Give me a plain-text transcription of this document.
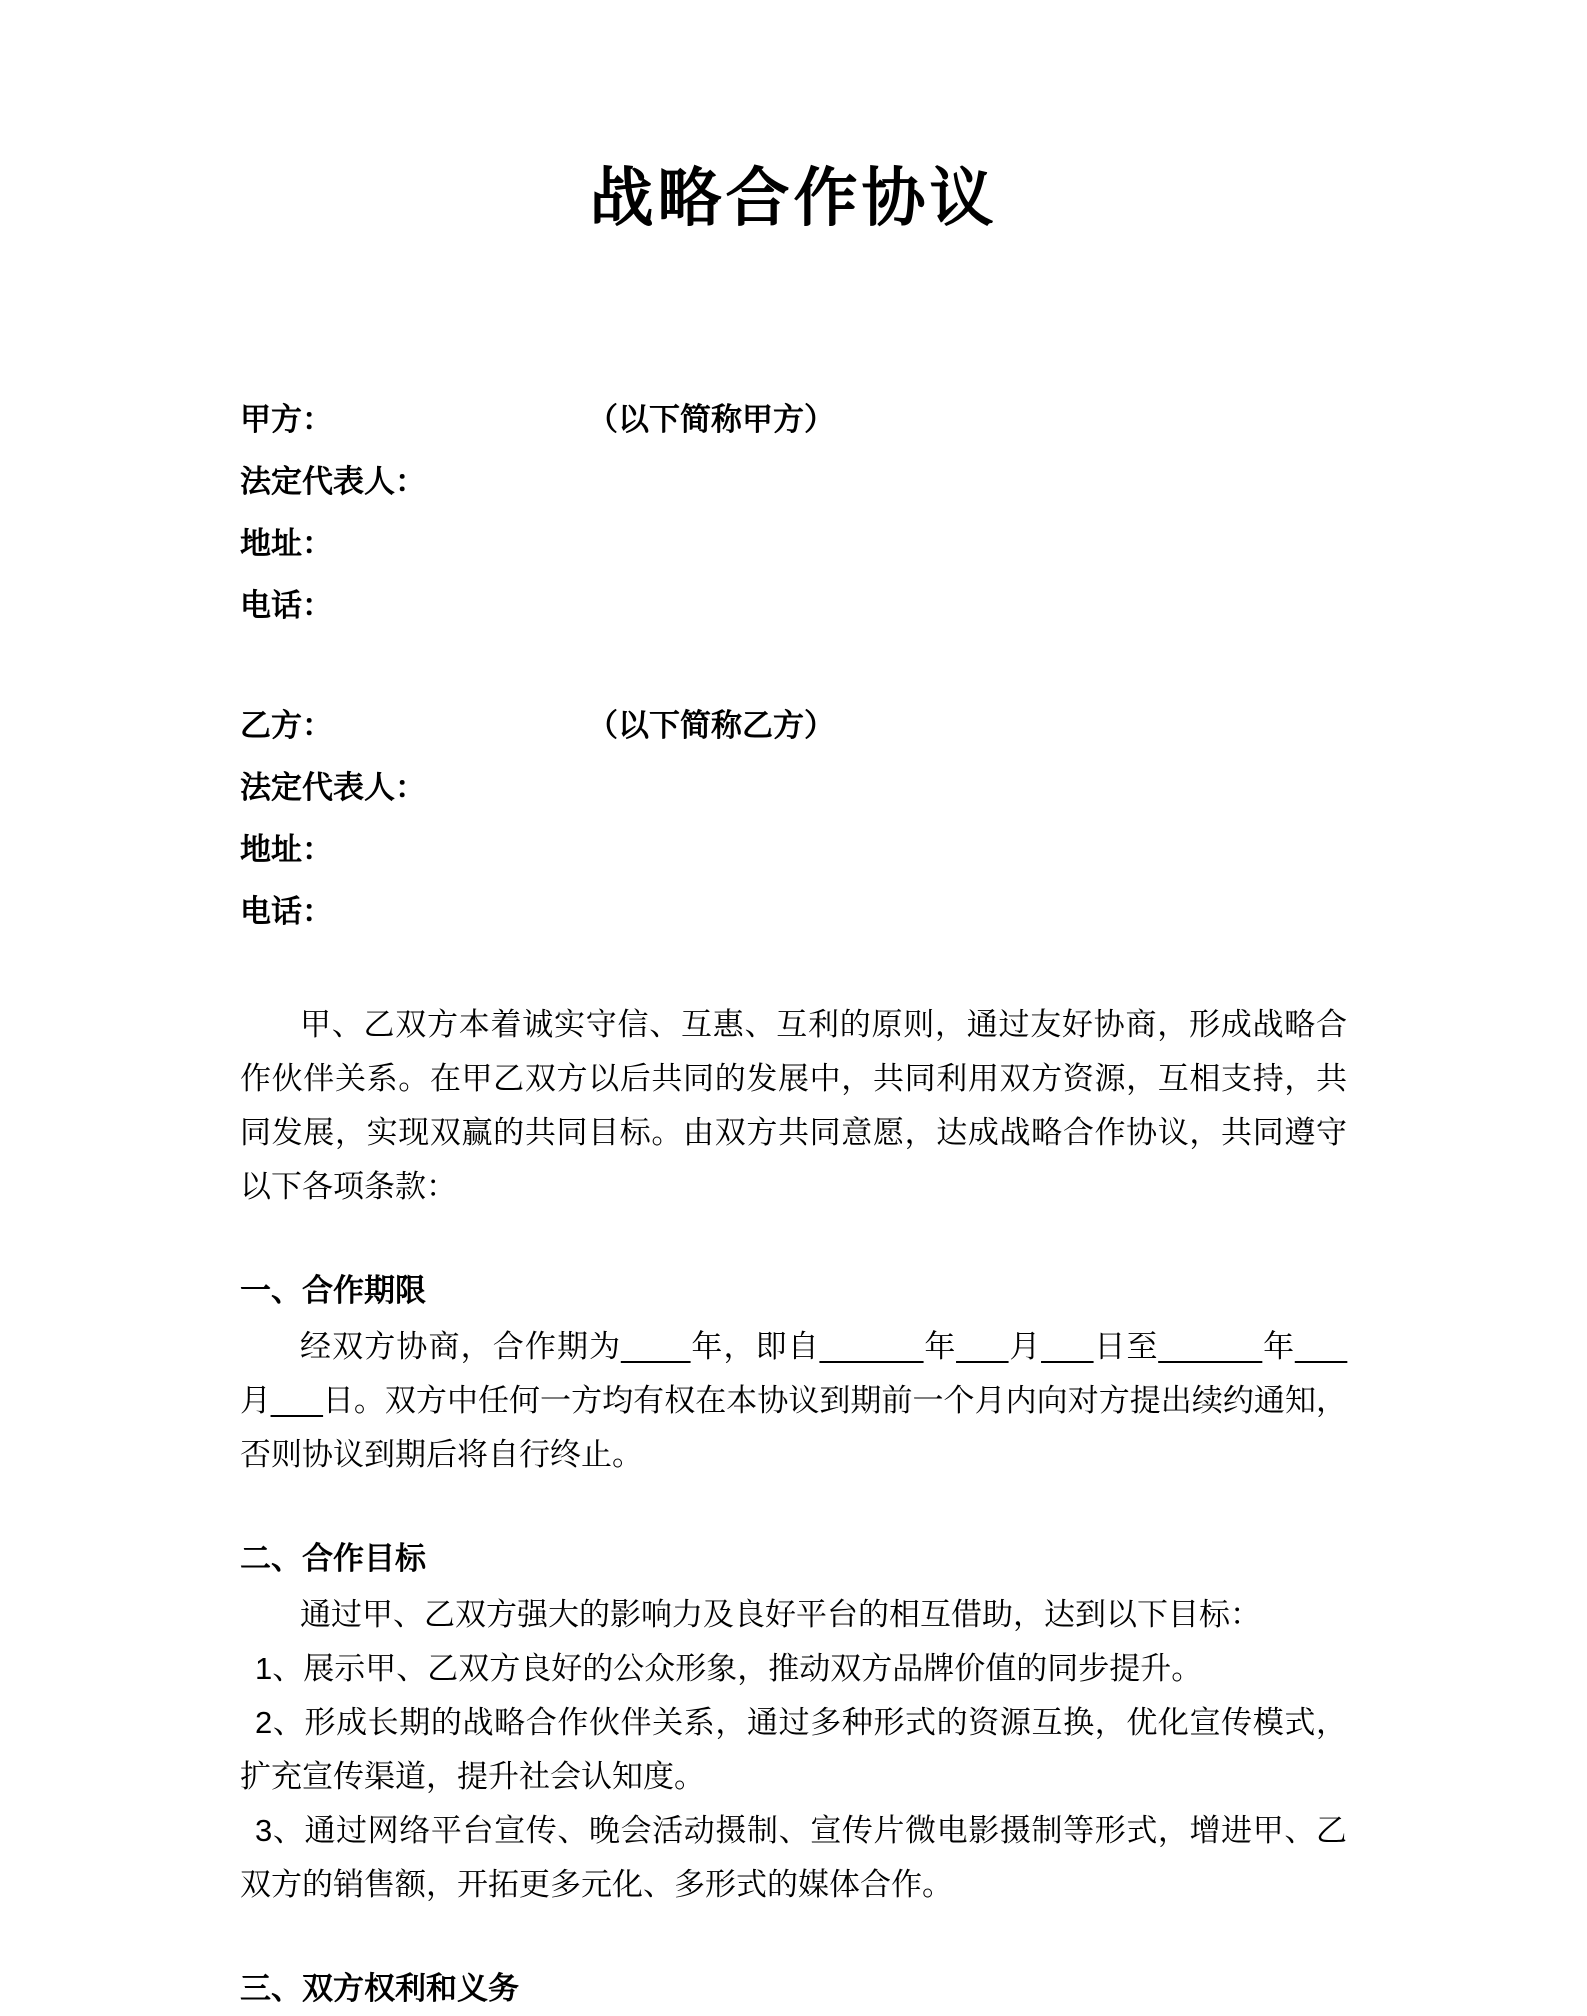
战略合作协议
甲方：	（以下简称甲方）
法定代表人：
地址：
电话：
乙方：	（以下简称乙方）
法定代表人：
地址：
电话：

甲、乙双方本着诚实守信、互惠、互利的原则，通过友好协商，形成战略合作伙伴关系。在甲乙双方以后共同的发展中，共同利用双方资源，互相支持，共同发展，实现双赢的共同目标。由双方共同意愿，达成战略合作协议，共同遵守以下各项条款：

一、合作期限

经双方协商，合作期为____年，即自______年___月___日至______年___月___日。双方中任何一方均有权在本协议到期前一个月内向对方提出续约通知，否则协议到期后将自行终止。

二、合作目标

通过甲、乙双方强大的影响力及良好平台的相互借助，达到以下目标：

1、展示甲、乙双方良好的公众形象，推动双方品牌价值的同步提升。

2、形成长期的战略合作伙伴关系，通过多种形式的资源互换，优化宣传模式，扩充宣传渠道，提升社会认知度。

3、通过网络平台宣传、晚会活动摄制、宣传片微电影摄制等形式，增进甲、乙双方的销售额，开拓更多元化、多形式的媒体合作。

三、双方权利和义务
